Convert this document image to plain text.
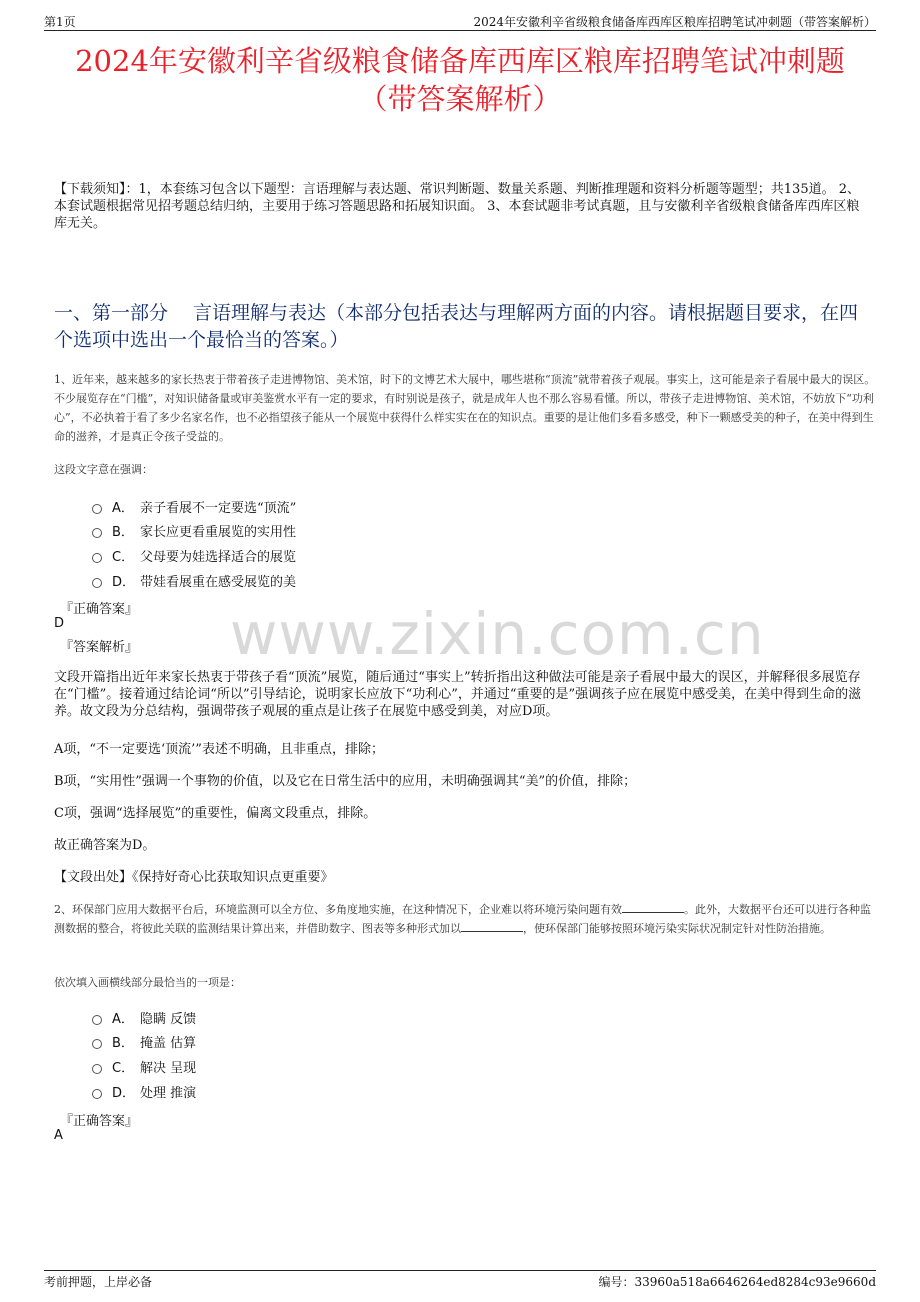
第1页	2024年安徽利辛省级粮食储备库西库区粮库招聘笔试冲刺题（带答案解析）
2024年安徽利辛省级粮食储备库西库区粮库招聘笔试冲刺题
（带答案解析）
【下载须知】：1，本套练习包含以下题型：言语理解与表达题、常识判断题、数量关系题、判断推理题和资料分析题等题型；共135道。 2、本套试题根据常见招考题总结归纳，主要用于练习答题思路和拓展知识面。 3、本套试题非考试真题，且与安徽利辛省级粮食储备库西库区粮库无关。
一、第一部分　 言语理解与表达（本部分包括表达与理解两方面的内容。请根据题目要求，在四个选项中选出一个最恰当的答案。）
www.zixin.com.cn
1、近年来，越来越多的家长热衷于带着孩子走进博物馆、美术馆，时下的文博艺术大展中，哪些堪称“顶流”就带着孩子观展。事实上，这可能是亲子看展中最大的误区。不少展览存在“门槛”，对知识储备量或审美鉴赏水平有一定的要求，有时别说是孩子，就是成年人也不那么容易看懂。所以，带孩子走进博物馆、美术馆，不妨放下“功利心”，不必执着于看了多少名家名作，也不必指望孩子能从一个展览中获得什么样实实在在的知识点。重要的是让他们多看多感受，种下一颗感受美的种子，在美中得到生命的滋养，才是真正令孩子受益的。
这段文字意在强调：
A． 亲子看展不一定要选“顶流”
B． 家长应更看重展览的实用性
C． 父母要为娃选择适合的展览
D． 带娃看展重在感受展览的美
『正确答案』
D
『答案解析』
文段开篇指出近年来家长热衷于带孩子看“顶流”展览，随后通过“事实上”转折指出这种做法可能是亲子看展中最大的误区，并解释很多展览存在“门槛”。接着通过结论词“所以”引导结论，说明家长应放下“功利心”，并通过“重要的是”强调孩子应在展览中感受美，在美中得到生命的滋养。故文段为分总结构，强调带孩子观展的重点是让孩子在展览中感受到美，对应D项。
A项，“不一定要选‘顶流’”表述不明确，且非重点，排除；
B项，“实用性”强调一个事物的价值，以及它在日常生活中的应用，未明确强调其“美”的价值，排除；
C项，强调“选择展览”的重要性，偏离文段重点，排除。
故正确答案为D。
【文段出处】《保持好奇心比获取知识点更重要》
2、环保部门应用大数据平台后，环境监测可以全方位、多角度地实施，在这种情况下，企业难以将环境污染问题有效	。此外，大数据平台还可以进行各种监测数据的整合，将彼此关联的监测结果计算出来，并借助数字、图表等多种形式加以	，使环保部门能够按照环境污染实际状况制定针对性防治措施。
依次填入画横线部分最恰当的一项是：
A． 隐瞒 反馈
B． 掩盖 估算
C． 解决 呈现
D． 处理 推演
『正确答案』
A
考前押题，上岸必备	编号：33960a518a6646264ed8284c93e9660d
